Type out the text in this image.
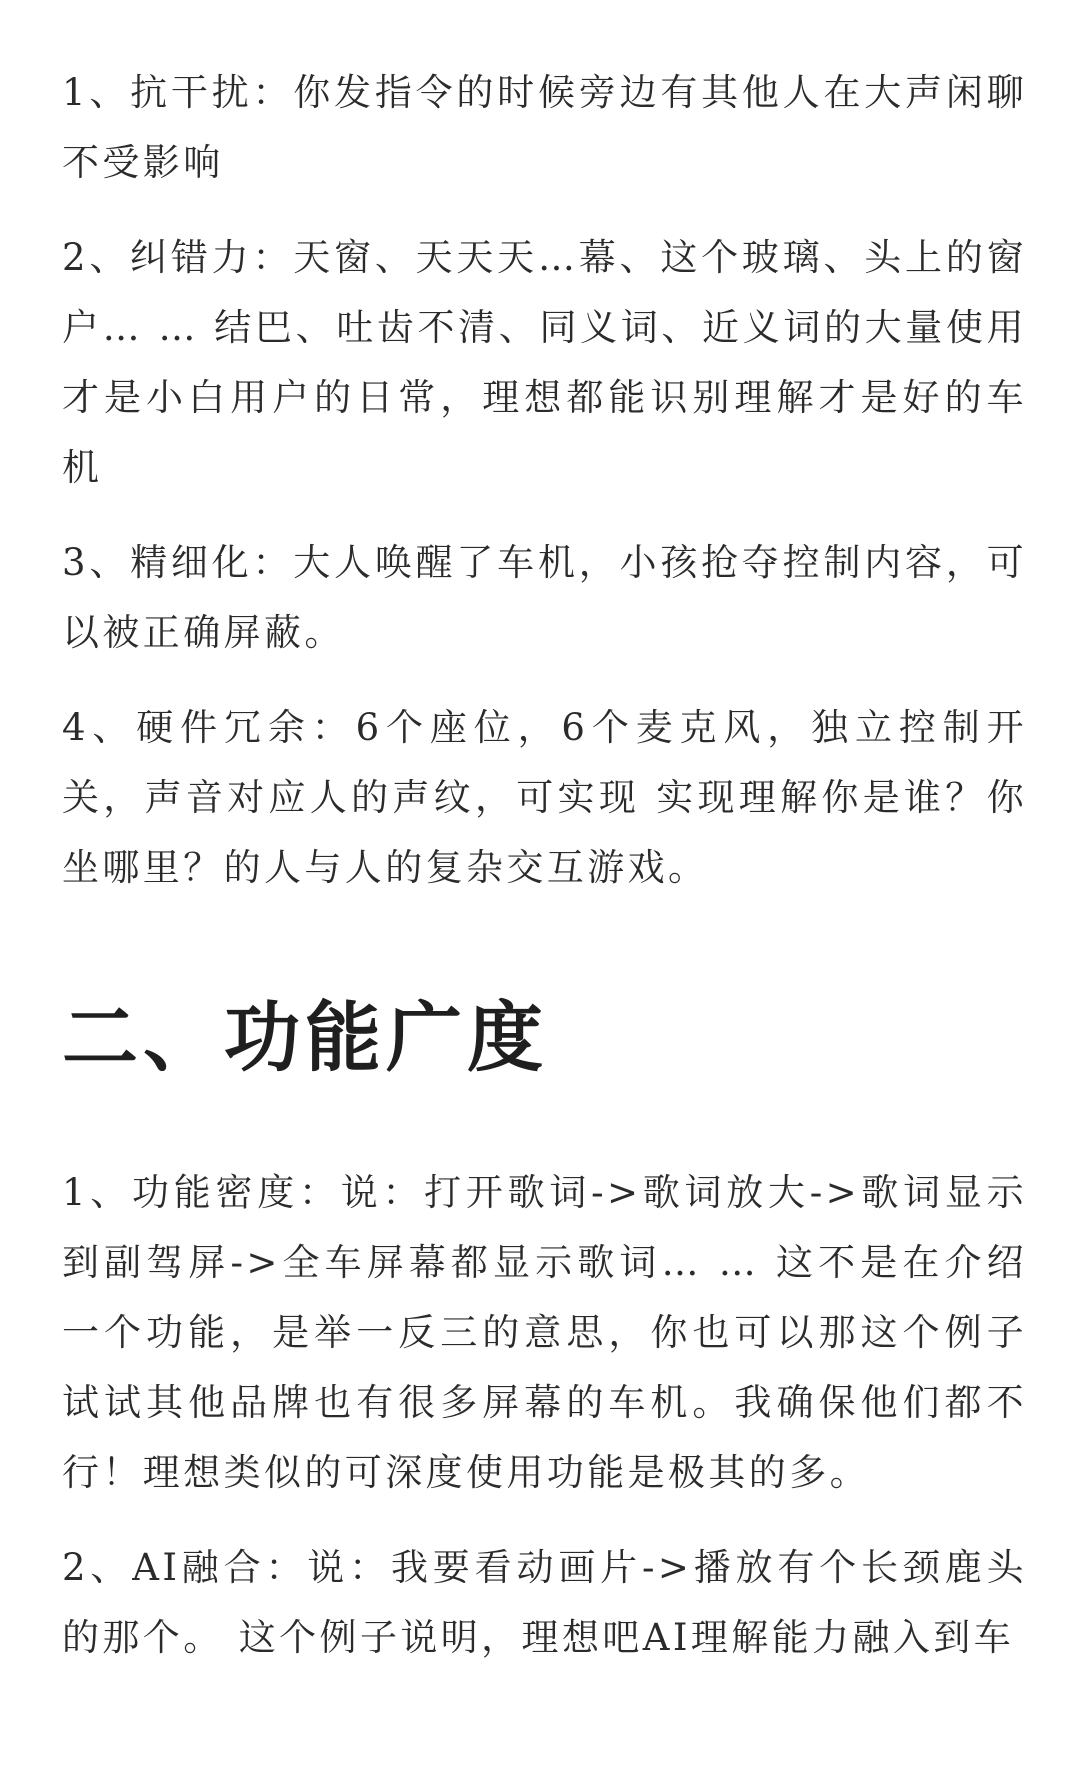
1、抗干扰：你发指令的时候旁边有其他人在大声闲聊不受影响

2、纠错力：天窗、天天天…幕、这个玻璃、头上的窗户… … 结巴、吐齿不清、同义词、近义词的大量使用才是小白用户的日常，理想都能识别理解才是好的车机

3、精细化：大人唤醒了车机，小孩抢夺控制内容，可以被正确屏蔽。

4、硬件冗余：6个座位，6个麦克风，独立控制开关，声音对应人的声纹，可实现 实现理解你是谁？你坐哪里？的人与人的复杂交互游戏。

二、功能广度

1、功能密度：说：打开歌词->歌词放大->歌词显示到副驾屏->全车屏幕都显示歌词… … 这不是在介绍一个功能，是举一反三的意思，你也可以那这个例子试试其他品牌也有很多屏幕的车机。我确保他们都不行！理想类似的可深度使用功能是极其的多。

2、AI融合：说：我要看动画片->播放有个长颈鹿头的那个。 这个例子说明，理想吧AI理解能力融入到车
